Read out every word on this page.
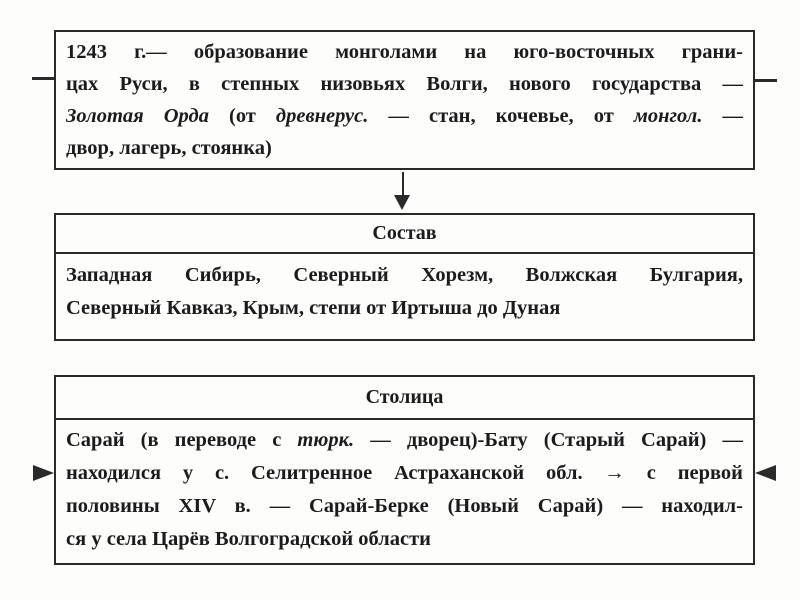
1243 г.— образование монголами на юго-восточных грани-
цах Руси, в степных низовьях Волги, нового государства —
Золотая Орда (от древнерус. — стан, кочевье, от монгол. —
двор, лагерь, стоянка)
Состав
Западная Сибирь, Северный Хорезм, Волжская Булгария,
Северный Кавказ, Крым, степи от Иртыша до Дуная
Столица
Сарай (в переводе с тюрк. — дворец)-Бату (Старый Сарай) —
находился у с. Селитренное Астраханской обл. → с первой
половины XIV в. — Сарай-Берке (Новый Сарай) — находил-
ся у села Царёв Волгоградской области
